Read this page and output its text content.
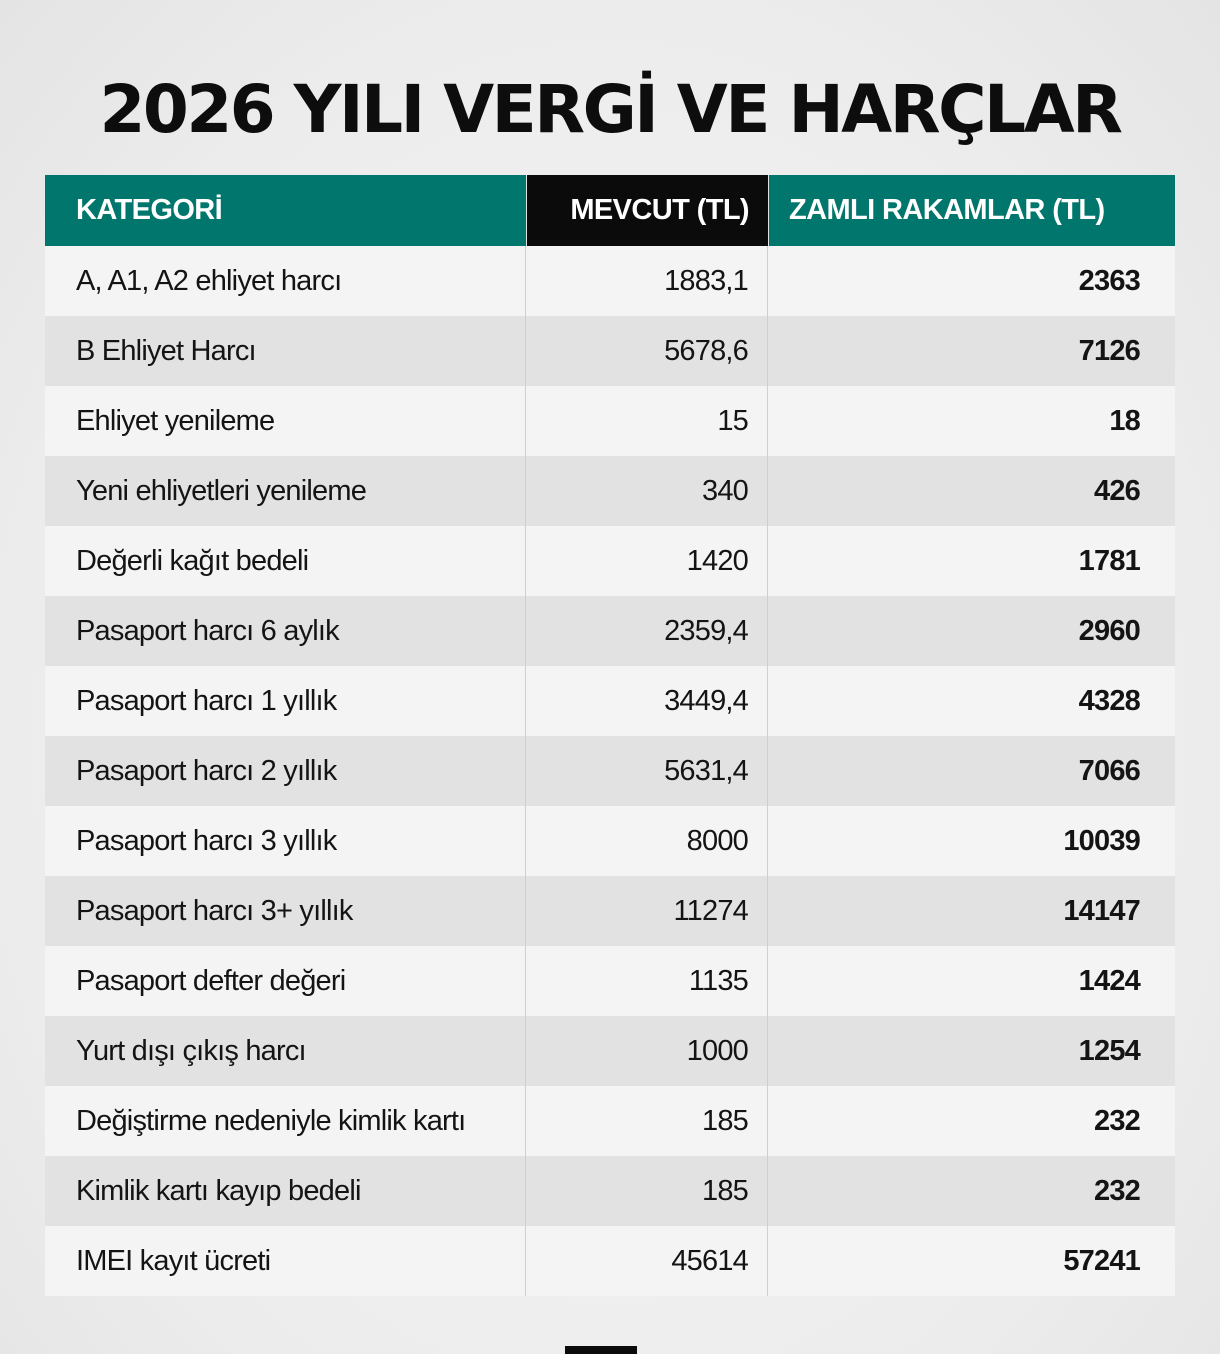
2026 YILI VERGİ VE HARÇLAR
KATEGORİ	MEVCUT (TL)	ZAMLI RAKAMLAR (TL)
A, A1, A2 ehliyet harcı	1883,1	2363
B Ehliyet Harcı	5678,6	7126
Ehliyet yenileme	15	18
Yeni ehliyetleri yenileme	340	426
Değerli kağıt bedeli	1420	1781
Pasaport harcı 6 aylık	2359,4	2960
Pasaport harcı 1 yıllık	3449,4	4328
Pasaport harcı 2 yıllık	5631,4	7066
Pasaport harcı 3 yıllık	8000	10039
Pasaport harcı 3+ yıllık	11274	14147
Pasaport defter değeri	1135	1424
Yurt dışı çıkış harcı	1000	1254
Değiştirme nedeniyle kimlik kartı	185	232
Kimlik kartı kayıp bedeli	185	232
IMEI kayıt ücreti	45614	57241
